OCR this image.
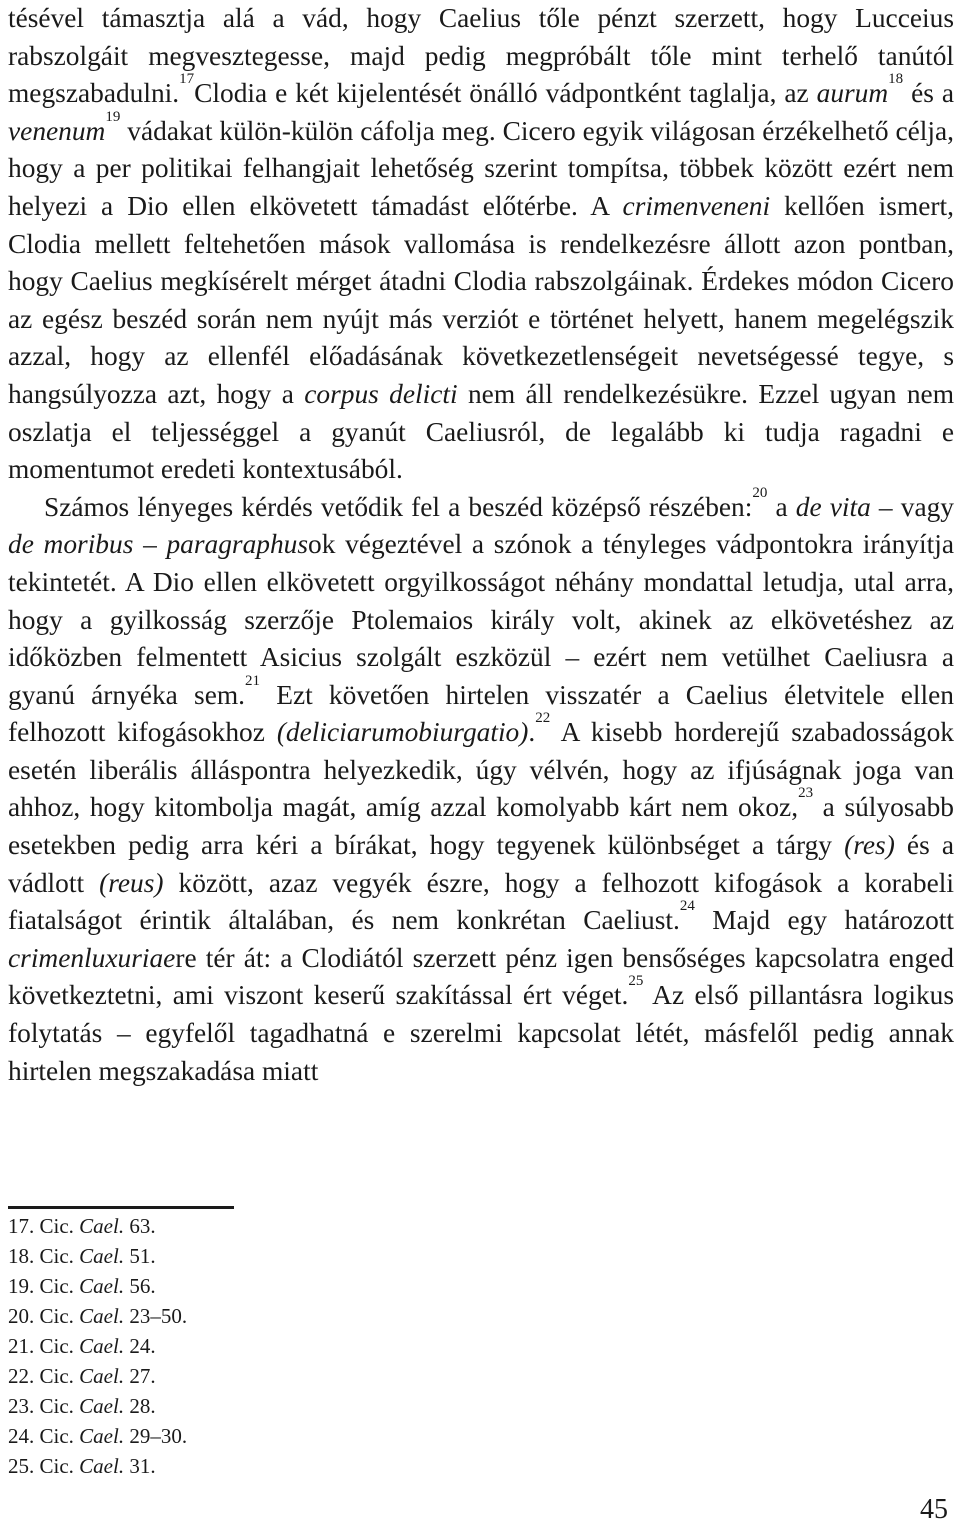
tésével támasztja alá a vád, hogy Caelius tőle pénzt szerzett, hogy Lucceius rabszolgáit megvesztegesse, majd pedig megpróbált tőle mint terhelő tanútól megszabadulni.$^{17}$Clodia e két kijelentését önálló vádpontként taglalja, az aurum$^{18}$ és a venenum$^{19}$ vádakat külön-külön cáfolja meg. Cicero egyik világosan érzékelhető célja, hogy a per politikai felhangjait lehetőség szerint tompítsa, többek között ezért nem helyezi a Dio ellen elkövetett támadást előtérbe. A crimenveneni kellően ismert, Clodia mellett feltehetően mások vallomása is rendelkezésre állott azon pontban, hogy Caelius megkísérelt mérget átadni Clodia rabszolgáinak. Érdekes módon Cicero az egész beszéd során nem nyújt más verziót e történet helyett, hanem megelégszik azzal, hogy az ellenfél előadásának következetlenségeit nevetségessé tegye, s hangsúlyozza azt, hogy a corpus delicti nem áll rendelkezésükre. Ezzel ugyan nem oszlatja el teljességgel a gyanút Caeliusról, de legalább ki tudja ragadni e momentumot eredeti kontextusából.
Számos lényeges kérdés vetődik fel a beszéd középső részében:$^{20}$ a de vita – vagy de moribus – paragraphusok végeztével a szónok a tényleges vádpontokra irányítja tekintetét. A Dio ellen elkövetett orgyilkosságot néhány mondattal letudja, utal arra, hogy a gyilkosság szerzője Ptolemaios király volt, akinek az elkövetéshez az időközben felmentett Asicius szolgált eszközül – ezért nem vetülhet Caeliusra a gyanú árnyéka sem.$^{21}$ Ezt követően hirtelen visszatér a Caelius életvitele ellen felhozott kifogásokhoz (deliciarumobiurgatio).$^{22}$ A kisebb horderejű szabadosságok esetén liberális álláspontra helyezkedik, úgy vélvén, hogy az ifjúságnak joga van ahhoz, hogy kitombolja magát, amíg azzal komolyabb kárt nem okoz,$^{23}$ a súlyosabb esetekben pedig arra kéri a bírákat, hogy tegyenek különbséget a tárgy (res) és a vádlott (reus) között, azaz vegyék észre, hogy a felhozott kifogások a korabeli fiatalságot érintik általában, és nem konkrétan Caeliust.$^{24}$ Majd egy határozott crimenluxuriaere tér át: a Clodiától szerzett pénz igen bensőséges kapcsolatra enged következtetni, ami viszont keserű szakítással ért véget.$^{25}$ Az első pillantásra logikus folytatás – egyfelől tagadhatná e szerelmi kapcsolat létét, másfelől pedig annak hirtelen megszakadása miatt

17. Cic. Cael. 63.
18. Cic. Cael. 51.
19. Cic. Cael. 56.
20. Cic. Cael. 23–50.
21. Cic. Cael. 24.
22. Cic. Cael. 27.
23. Cic. Cael. 28.
24. Cic. Cael. 29–30.
25. Cic. Cael. 31.
45
